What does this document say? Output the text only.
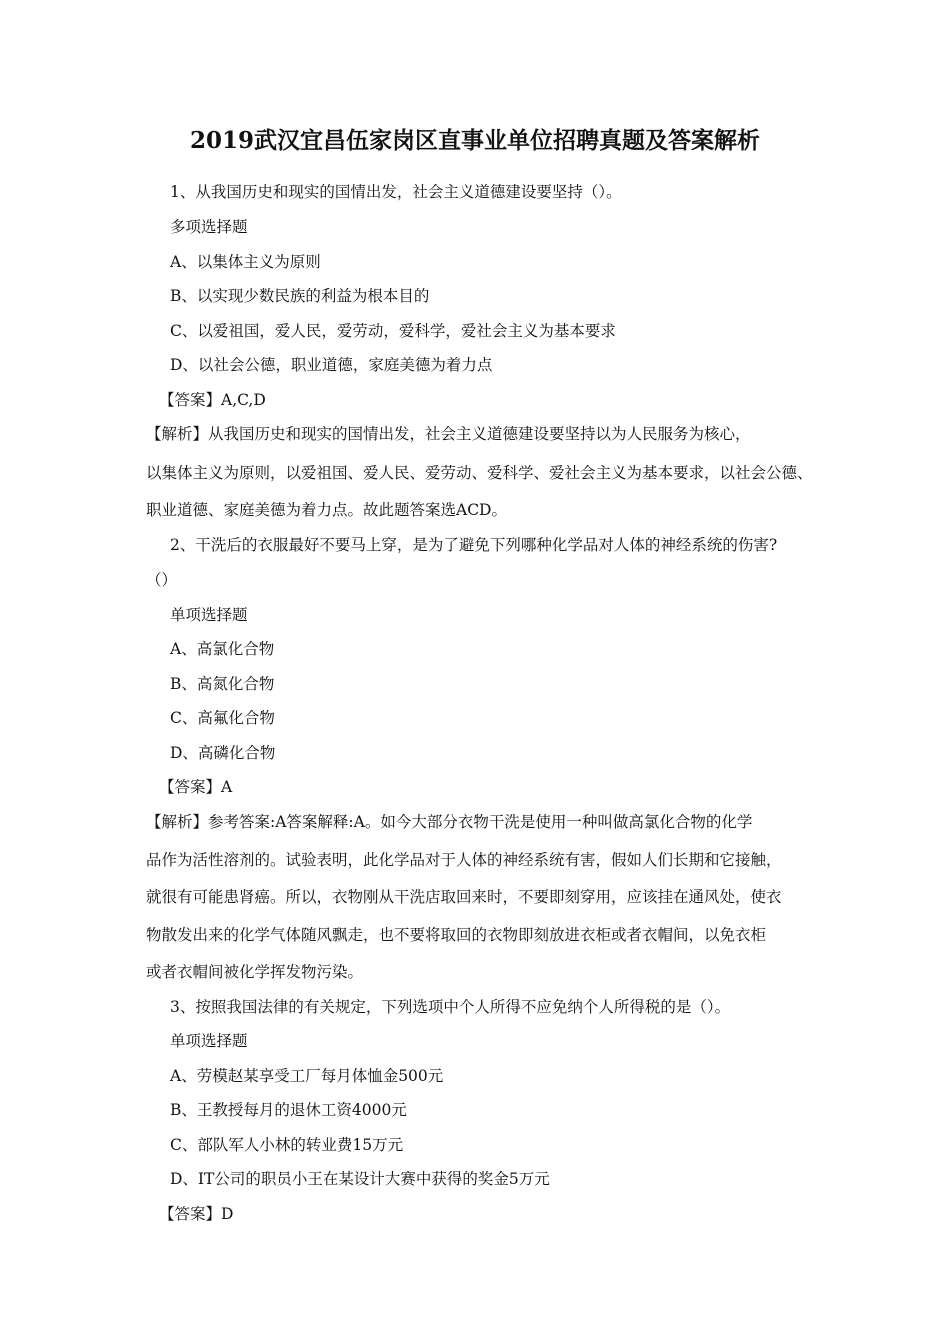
2019武汉宜昌伍家岗区直事业单位招聘真题及答案解析
1、从我国历史和现实的国情出发，社会主义道德建设要坚持（）。
多项选择题
A、以集体主义为原则
B、以实现少数民族的利益为根本目的
C、以爱祖国，爱人民，爱劳动，爱科学，爱社会主义为基本要求
D、以社会公德，职业道德，家庭美德为着力点
【答案】A,C,D
【解析】从我国历史和现实的国情出发，社会主义道德建设要坚持以为人民服务为核心，
以集体主义为原则，以爱祖国、爱人民、爱劳动、爱科学、爱社会主义为基本要求，以社会公德、
职业道德、家庭美德为着力点。故此题答案选ACD。
2、干洗后的衣服最好不要马上穿，是为了避免下列哪种化学品对人体的神经系统的伤害?
（）
单项选择题
A、高氯化合物
B、高氮化合物
C、高氟化合物
D、高磷化合物
【答案】A
【解析】参考答案:A答案解释:A。如今大部分衣物干洗是使用一种叫做高氯化合物的化学
品作为活性溶剂的。试验表明，此化学品对于人体的神经系统有害，假如人们长期和它接触，
就很有可能患肾癌。所以，衣物刚从干洗店取回来时，不要即刻穿用，应该挂在通风处，使衣
物散发出来的化学气体随风飘走，也不要将取回的衣物即刻放进衣柜或者衣帽间，以免衣柜
或者衣帽间被化学挥发物污染。
3、按照我国法律的有关规定，下列选项中个人所得不应免纳个人所得税的是（）。
单项选择题
A、劳模赵某享受工厂每月体恤金500元
B、王教授每月的退休工资4000元
C、部队军人小林的转业费15万元
D、IT公司的职员小王在某设计大赛中获得的奖金5万元
【答案】D
